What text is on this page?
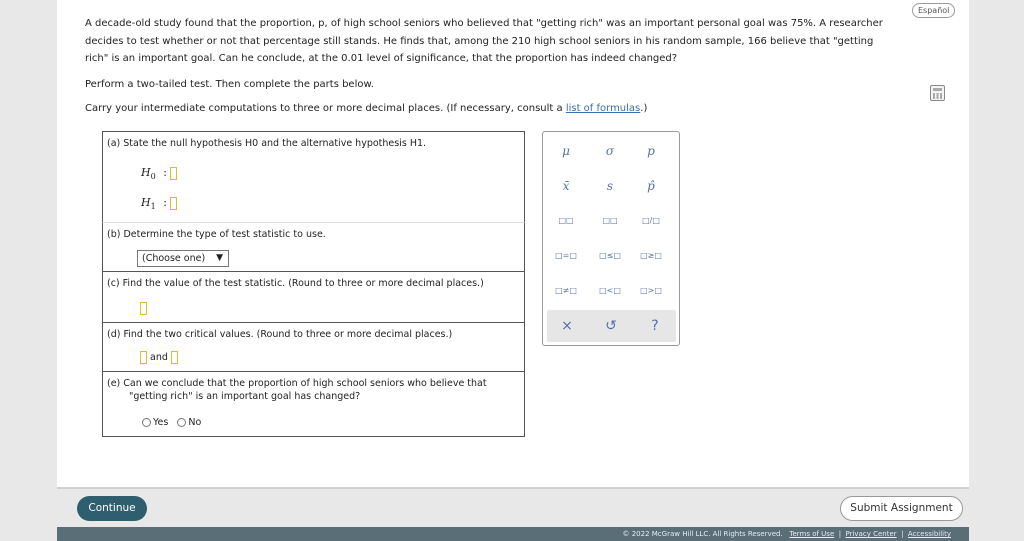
Español
A decade-old study found that the proportion, p, of high school seniors who believed that "getting rich" was an important personal goal was 75%. A researcher decides to test whether or not that percentage still stands. He finds that, among the 210 high school seniors in his random sample, 166 believe that "getting rich" is an important goal. Can he conclude, at the 0.01 level of significance, that the proportion has indeed changed?
Perform a two-tailed test. Then complete the parts below.
Carry your intermediate computations to three or more decimal places. (If necessary, consult a list of formulas.)
(a) State the null hypothesis H0 and the alternative hypothesis H1.
$H_0$ :
$H_1$ :
(b) Determine the type of test statistic to use.
(Choose one) ▼
(c) Find the value of the test statistic. (Round to three or more decimal places.)
(d) Find the two critical values. (Round to three or more decimal places.)
and
(e) Can we conclude that the proportion of high school seniors who believe that
"getting rich" is an important goal has changed?
Yes No
μ	σ	p
x̄	s	p̂
□□	□□	□/□
□=□	□≤□	□≥□
□≠□	□<□	□>□
×	↺	?
Continue	Submit Assignment
© 2022 McGraw Hill LLC. All Rights Reserved. Terms of Use | Privacy Center | Accessibility
